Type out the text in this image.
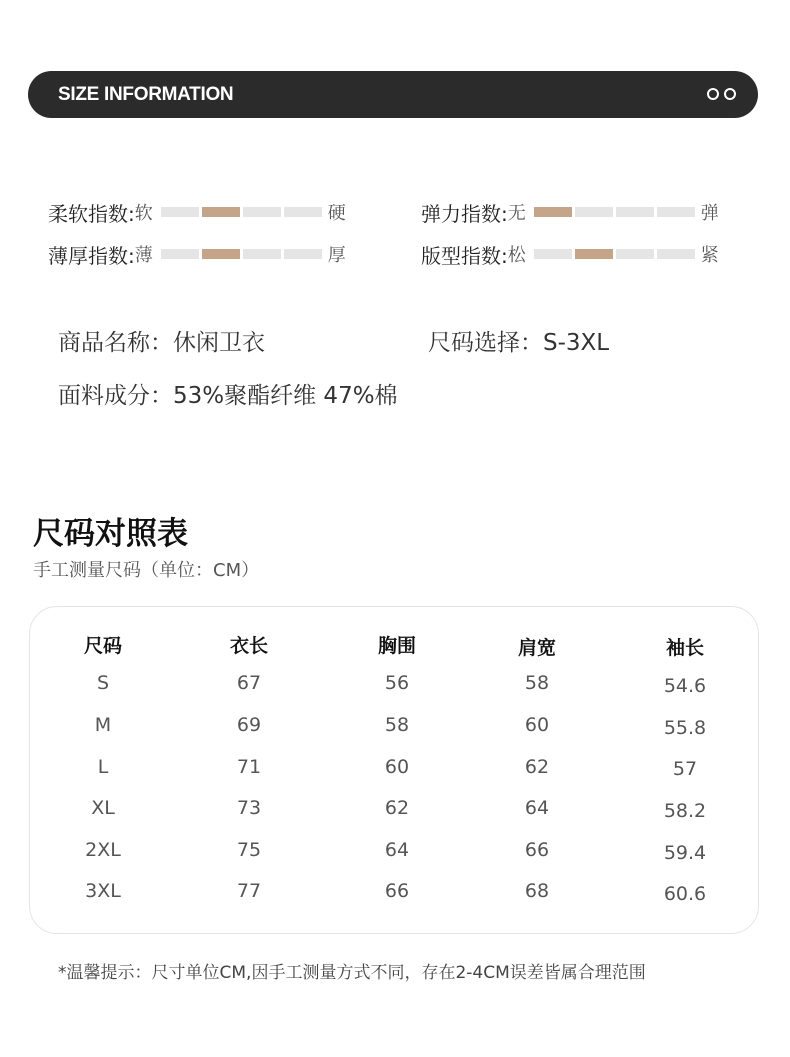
SIZE INFORMATION
柔软指数: 软	硬	弹力指数: 无	弹
薄厚指数: 薄	厚	版型指数: 松	紧
商品名称：休闲卫衣	尺码选择：S-3XL
面料成分：53%聚酯纤维 47%棉
尺码对照表
手工测量尺码（单位：CM）
尺码	衣长	胸围	肩宽	袖长
S	67	56	58	54.6
M	69	58	60	55.8
L	71	60	62	57
XL	73	62	64	58.2
2XL	75	64	66	59.4
3XL	77	66	68	60.6
*温馨提示：尺寸单位CM,因手工测量方式不同，存在2-4CM误差皆属合理范围
